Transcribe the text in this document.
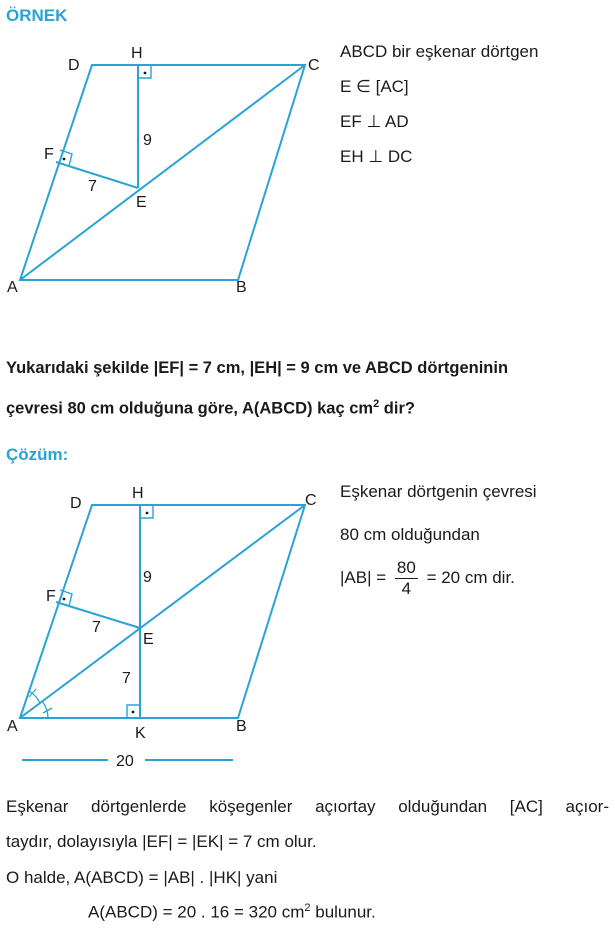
ÖRNEK
D
H
C
F
E
A	B
9
7
ABCD bir eşkenar dörtgen
E ∈ [AC]
EF ⊥ AD
EH ⊥ DC
Yukarıdaki şekilde |EF| = 7 cm, |EH| = 9 cm ve ABCD dörtgeninin
çevresi 80 cm olduğuna göre, A(ABCD) kaç $cm^2$ dir?
Çözüm:
D
H	C
F
E
A	B
K
9
7
7
20
Eşkenar dörtgenin çevresi
80 cm olduğundan
$|AB| = \frac{80}{4} = 20$ cm dir.
Eşkenar dörtgenlerde köşegenler açıortay olduğundan [AC] açıor-
taydır, dolayısıyla |EF| = |EK| = 7 cm olur.
O halde, A(ABCD) = |AB| . |HK| yani
A(ABCD) = 20 . 16 = 320 $cm^2$ bulunur.
